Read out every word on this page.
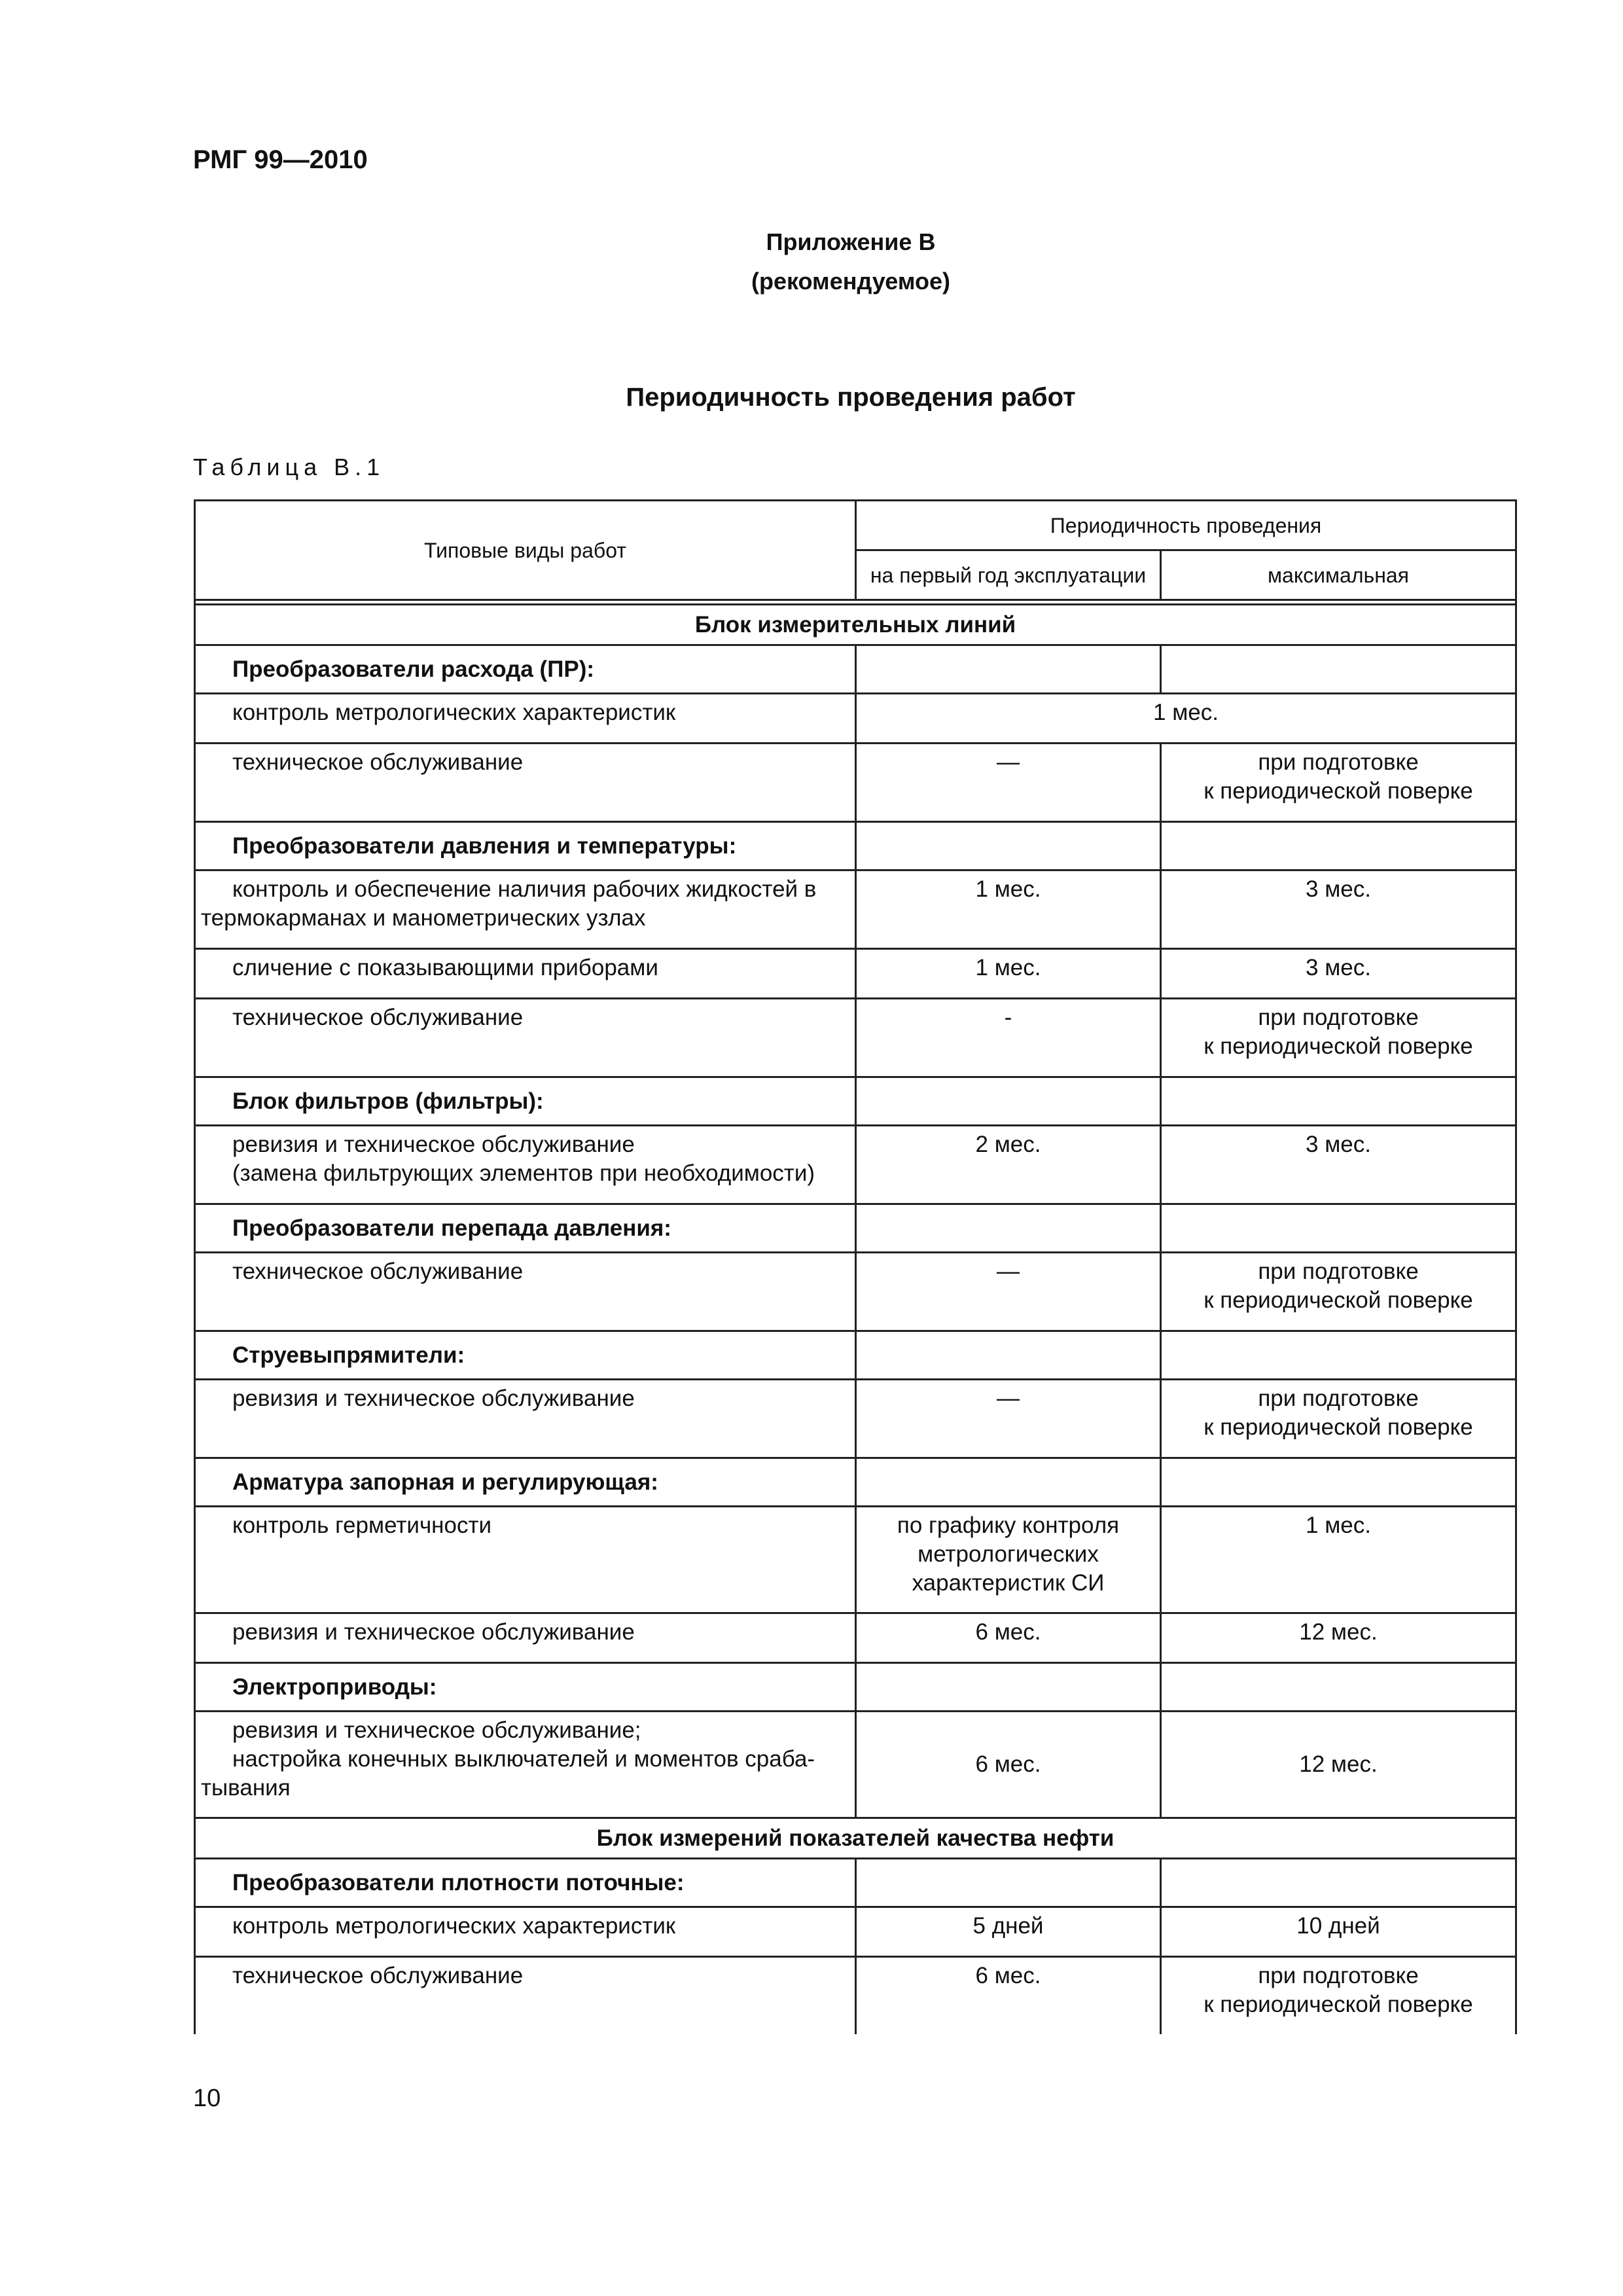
РМГ 99—2010
Приложение В
(рекомендуемое)
Периодичность проведения работ
Таблица В.1
Типовые виды работ	Периодичность проведения	
	на первый год эксплуатации	максимальная

Блок измерительных линий		
Преобразователи расхода (ПР):		
контроль метрологических характеристик	1 мес.	
техническое обслуживание	—	при подготовке
к периодической поверке

Преобразователи давления и температуры:		

контроль и обеспечение наличия рабочих жидкостей в
термокарманах и манометрических узлах	1 мес.	3 мес.
сличение с показывающими приборами	1 мес.	3 мес.
техническое обслуживание	-	при подготовке
к периодической поверке

Блок фильтров (фильтры):		

ревизия и техническое обслуживание
(замена фильтрующих элементов при необходимости)	2 мес.	3 мес.
Преобразователи перепада давления:		
техническое обслуживание	—	при подготовке
к периодической поверке

Струевыпрямители:		
ревизия и техническое обслуживание	—	при подготовке
к периодической поверке

Арматура запорная и регулирующая:		
контроль герметичности	по графику контроля
метрологических
характеристик СИ	1 мес.
ревизия и техническое обслуживание	6 мес.	12 мес.
Электроприводы:		

ревизия и техническое обслуживание;
настройка конечных выключателей и моментов сраба-
тывания	6 мес.	12 мес.
Блок измерений показателей качества нефти		
Преобразователи плотности поточные:		
контроль метрологических характеристик	5 дней	10 дней
техническое обслуживание	6 мес.	при подготовке
к периодической поверке
10
